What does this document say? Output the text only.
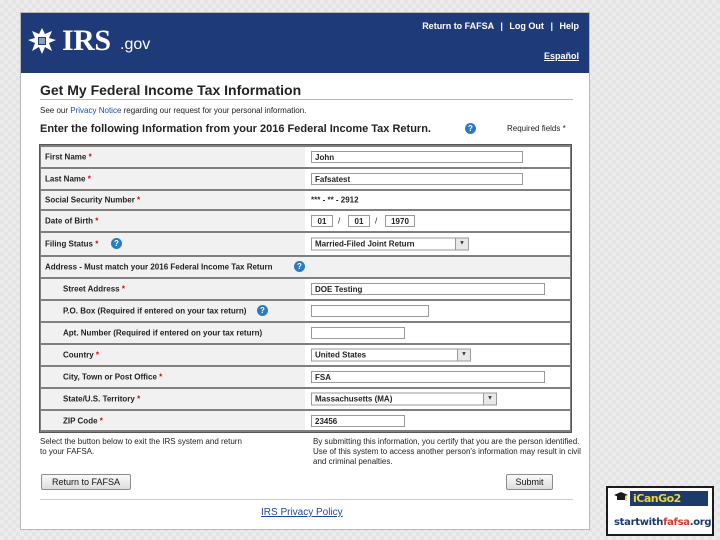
IRS .gov
Return to FAFSA | Log Out | Help
Español
Get My Federal Income Tax Information
See our Privacy Notice regarding our request for your personal information.
Enter the following Information from your 2016 Federal Income Tax Return.	?	Required fields *
First Name *	John
Last Name *	Fafsatest
Social Security Number *	*** - ** - 2912
Date of Birth *	01	/	01	/	1970
Filing Status *	?	Married-Filed Joint Return	▼
Address - Must match your 2016 Federal Income Tax Return	?
Street Address *	DOE Testing
P.O. Box (Required if entered on your tax return)	?
Apt. Number (Required if entered on your tax return)
Country *	United States	▼
City, Town or Post Office *	FSA
State/U.S. Territory *	Massachusetts (MA)	▼
ZIP Code *	23456
Select the button below to exit the IRS system and return to your FAFSA.
By submitting this information, you certify that you are the person identified. Use of this system to access another person's information may result in civil and criminal penalties.
Return to FAFSA	Submit
IRS Privacy Policy
iCanGo2
startwithfafsa.org
